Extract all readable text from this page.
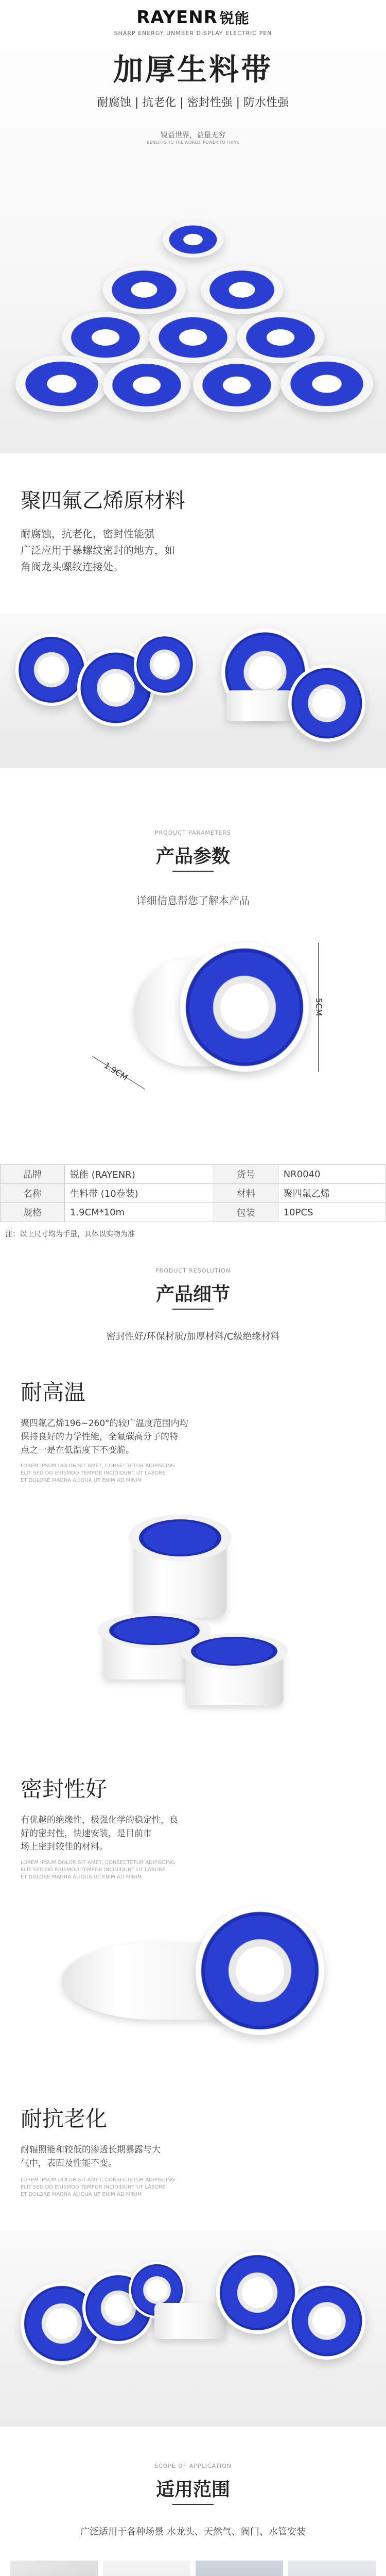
RAYENR 锐能
SHARP ENERGY UNMBER DISPLAY ELECTRIC PEN
加厚生料带
耐腐蚀 | 抗老化 | 密封性强 | 防水性强
锐益世界，益量无穷
BENEFITS TO THE WORLD, POWER TO THINK
聚四氟乙烯原材料
耐腐蚀，抗老化，密封性能强
广泛应用于暴螺纹密封的地方，如
角阀龙头螺纹连接处。
PRODUCT PARAMETERS
产品参数
详细信息帮您了解本产品
1.9CM
5CM
品牌	锐能 (RAYENR)	货号	NR0040
名称	生料带 (10卷装)	材料	聚四氟乙烯
规格	1.9CM*10m	包装	10PCS
注：以上尺寸均为手量，具体以实物为准
PRODUCT RESOLUTION
产品细节
密封性好/环保材质/加厚材料/C级绝缘材料
耐高温
聚四氟乙烯196~260°的较广温度范围内均
保持良好的力学性能，全氟碳高分子的特
点之一是在低温度下不变脆。
LOREM IPSUM DOLOR SIT AMET, CONSECTETUR ADIPISCING
ELIT SED DO EIUSMOD TEMPOR INCIDIDUNT UT LABORE
ET DOLORE MAGNA ALIQUA UT ENIM AD MINIM
密封性好
有优越的绝缘性，极强化学的稳定性，良
好的密封性，快速安装，是目前市
场上密封较佳的材料。
LOREM IPSUM DOLOR SIT AMET, CONSECTETUR ADIPISCING
ELIT SED DO EIUSMOD TEMPOR INCIDIDUNT UT LABORE
ET DOLORE MAGNA ALIQUA UT ENIM AD MINIM
耐抗老化
耐辐照能和较低的渗透长期暴露与大
气中，表面及性能不变。
LOREM IPSUM DOLOR SIT AMET, CONSECTETUR ADIPISCING
ELIT SED DO EIUSMOD TEMPOR INCIDIDUNT UT LABORE
ET DOLORE MAGNA ALIQUA UT ENIM AD MINIM
SCOPE OF APPLICATION
适用范围
广泛适用于各种场景 水龙头、天然气、阀门、水管安装
